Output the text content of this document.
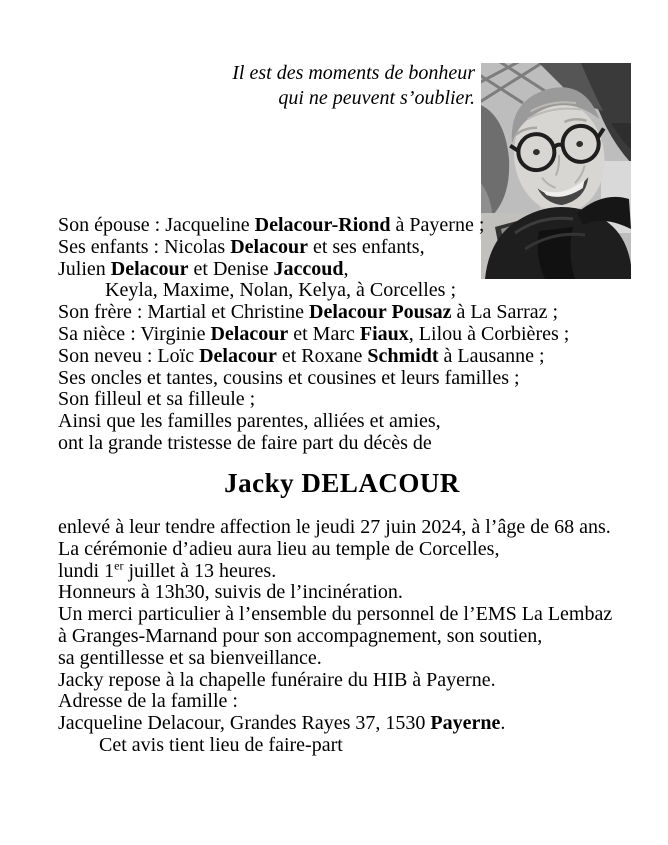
Il est des moments de bonheur
qui ne peuvent s’oublier.
Son épouse : Jacqueline Delacour-Riond à Payerne ;
Ses enfants : Nicolas Delacour et ses enfants,
Julien Delacour et Denise Jaccoud,
Keyla, Maxime, Nolan, Kelya, à Corcelles ;
Son frère : Martial et Christine Delacour Pousaz à La Sarraz ;
Sa nièce : Virginie Delacour et Marc Fiaux, Lilou à Corbières ;
Son neveu : Loïc Delacour et Roxane Schmidt à Lausanne ;
Ses oncles et tantes, cousins et cousines et leurs familles ;
Son filleul et sa filleule ;
Ainsi que les familles parentes, alliées et amies,
ont la grande tristesse de faire part du décès de
Jacky DELACOUR
enlevé à leur tendre affection le jeudi 27 juin 2024, à l’âge de 68 ans.
La cérémonie d’adieu aura lieu au temple de Corcelles,
lundi 1er juillet à 13 heures.
Honneurs à 13h30, suivis de l’incinération.
Un merci particulier à l’ensemble du personnel de l’EMS La Lembaz
à Granges-Marnand pour son accompagnement, son soutien,
sa gentillesse et sa bienveillance.
Jacky repose à la chapelle funéraire du HIB à Payerne.
Adresse de la famille :
Jacqueline Delacour, Grandes Rayes 37, 1530 Payerne.
Cet avis tient lieu de faire-part
